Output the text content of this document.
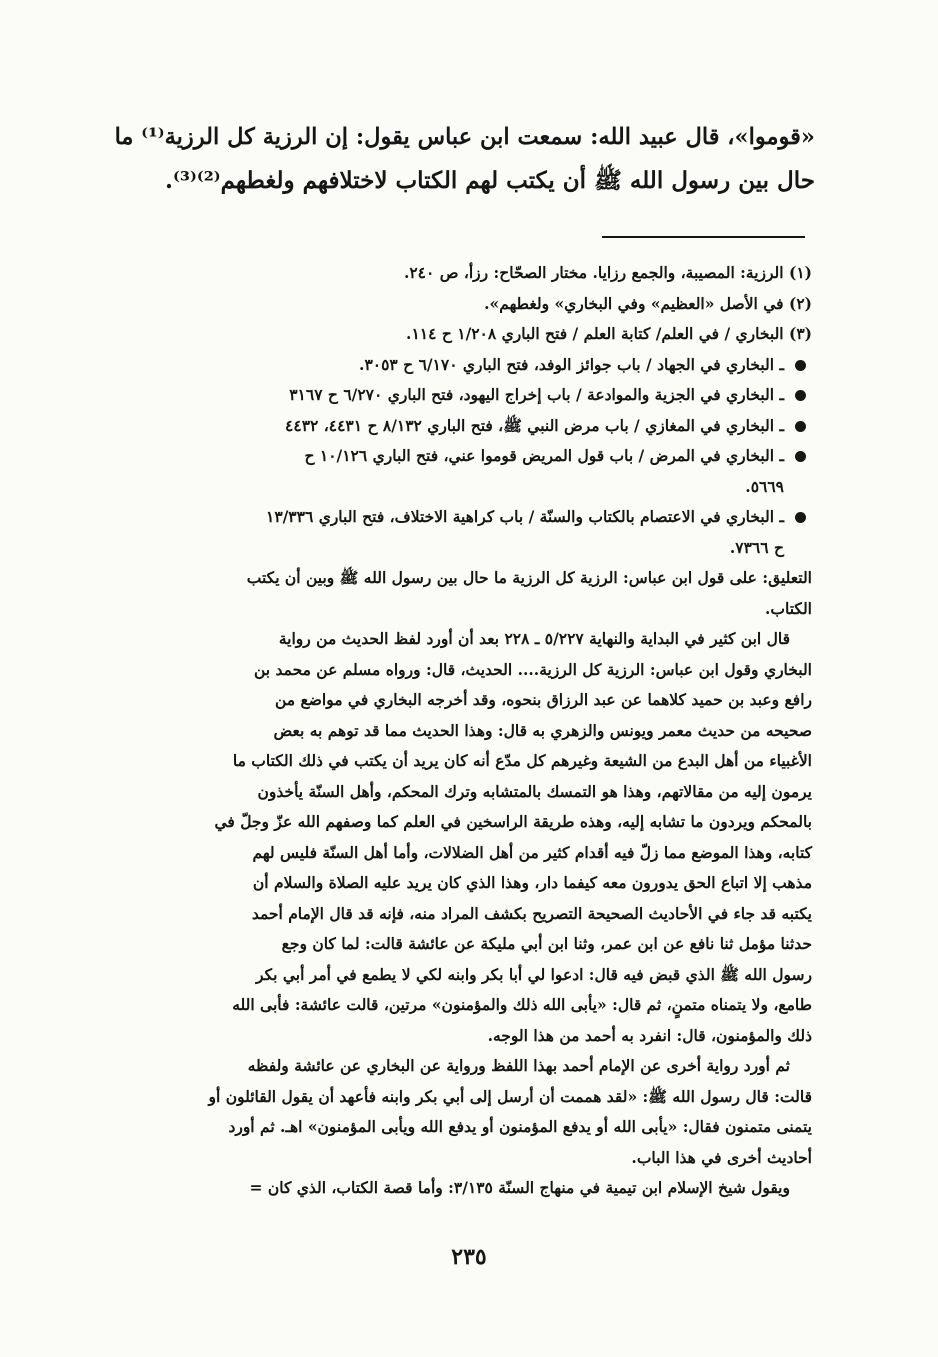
«قوموا»، قال عبيد الله: سمعت ابن عباس يقول: إن الرزية كل الرزية⁽¹⁾ ما

حال بين رسول الله ﷺ أن يكتب لهم الكتاب لاختلافهم ولغطهم⁽²⁾⁽³⁾.

(١) الرزية: المصيبة، والجمع رزايا. مختار الصحّاح: رزأ، ص ٢٤٠.

(٢) في الأصل «العظيم» وفي البخاري» ولغطهم».

(٣) البخاري / في العلم/ كتابة العلم / فتح الباري ١/٢٠٨ ح ١١٤.

ـ البخاري في الجهاد / باب جوائز الوفد، فتح الباري ٦/١٧٠ ح ٣٠٥٣.

ـ البخاري في الجزية والموادعة / باب إخراج اليهود، فتح الباري ٦/٢٧٠ ح ٣١٦٧

ـ البخاري في المغازي / باب مرض النبي ﷺ، فتح الباري ٨/١٣٢ ح ٤٤٣١، ٤٤٣٢

ـ البخاري في المرض / باب قول المريض قوموا عني، فتح الباري ١٠/١٢٦ ح

٥٦٦٩.

ـ البخاري في الاعتصام بالكتاب والسنّة / باب كراهية الاختلاف، فتح الباري ١٣/٣٣٦

ح ٧٣٦٦.

التعليق: على قول ابن عباس: الرزية كل الرزية ما حال بين رسول الله ﷺ وبين أن يكتب

الكتاب.

قال ابن كثير في البداية والنهاية ٥/٢٢٧ ـ ٢٢٨ بعد أن أورد لفظ الحديث من رواية

البخاري وقول ابن عباس: الرزية كل الرزية.... الحديث، قال: ورواه مسلم عن محمد بن

رافع وعبد بن حميد كلاهما عن عبد الرزاق بنحوه، وقد أخرجه البخاري في مواضع من

صحيحه من حديث معمر ويونس والزهري به قال: وهذا الحديث مما قد توهم به بعض

الأغبياء من أهل البدع من الشيعة وغيرهم كل مدّع أنه كان يريد أن يكتب في ذلك الكتاب ما

يرمون إليه من مقالاتهم، وهذا هو التمسك بالمتشابه وترك المحكم، وأهل السنّة يأخذون

بالمحكم ويردون ما تشابه إليه، وهذه طريقة الراسخين في العلم كما وصفهم الله عزّ وجلّ في

كتابه، وهذا الموضع مما زلّ فيه أقدام كثير من أهل الضلالات، وأما أهل السنّة فليس لهم

مذهب إلا اتباع الحق يدورون معه كيفما دار، وهذا الذي كان يريد عليه الصلاة والسلام أن

يكتبه قد جاء في الأحاديث الصحيحة التصريح بكشف المراد منه، فإنه قد قال الإمام أحمد

حدثنا مؤمل ثنا نافع عن ابن عمر، وثنا ابن أبي مليكة عن عائشة قالت: لما كان وجع

رسول الله ﷺ الذي قبض فيه قال: ادعوا لي أبا بكر وابنه لكي لا يطمع في أمر أبي بكر

طامع، ولا يتمناه متمنٍ، ثم قال: «يأبى الله ذلك والمؤمنون» مرتين، قالت عائشة: فأبى الله

ذلك والمؤمنون، قال: انفرد به أحمد من هذا الوجه.

ثم أورد رواية أخرى عن الإمام أحمد بهذا اللفظ ورواية عن البخاري عن عائشة ولفظه

قالت: قال رسول الله ﷺ: «لقد هممت أن أرسل إلى أبي بكر وابنه فأعهد أن يقول القائلون أو

يتمنى متمنون فقال: «يأبى الله أو يدفع المؤمنون أو يدفع الله ويأبى المؤمنون» اهـ. ثم أورد

أحاديث أخرى في هذا الباب.

ويقول شيخ الإسلام ابن تيمية في منهاج السنّة ٣/١٣٥: وأما قصة الكتاب، الذي كان =

٢٣٥
